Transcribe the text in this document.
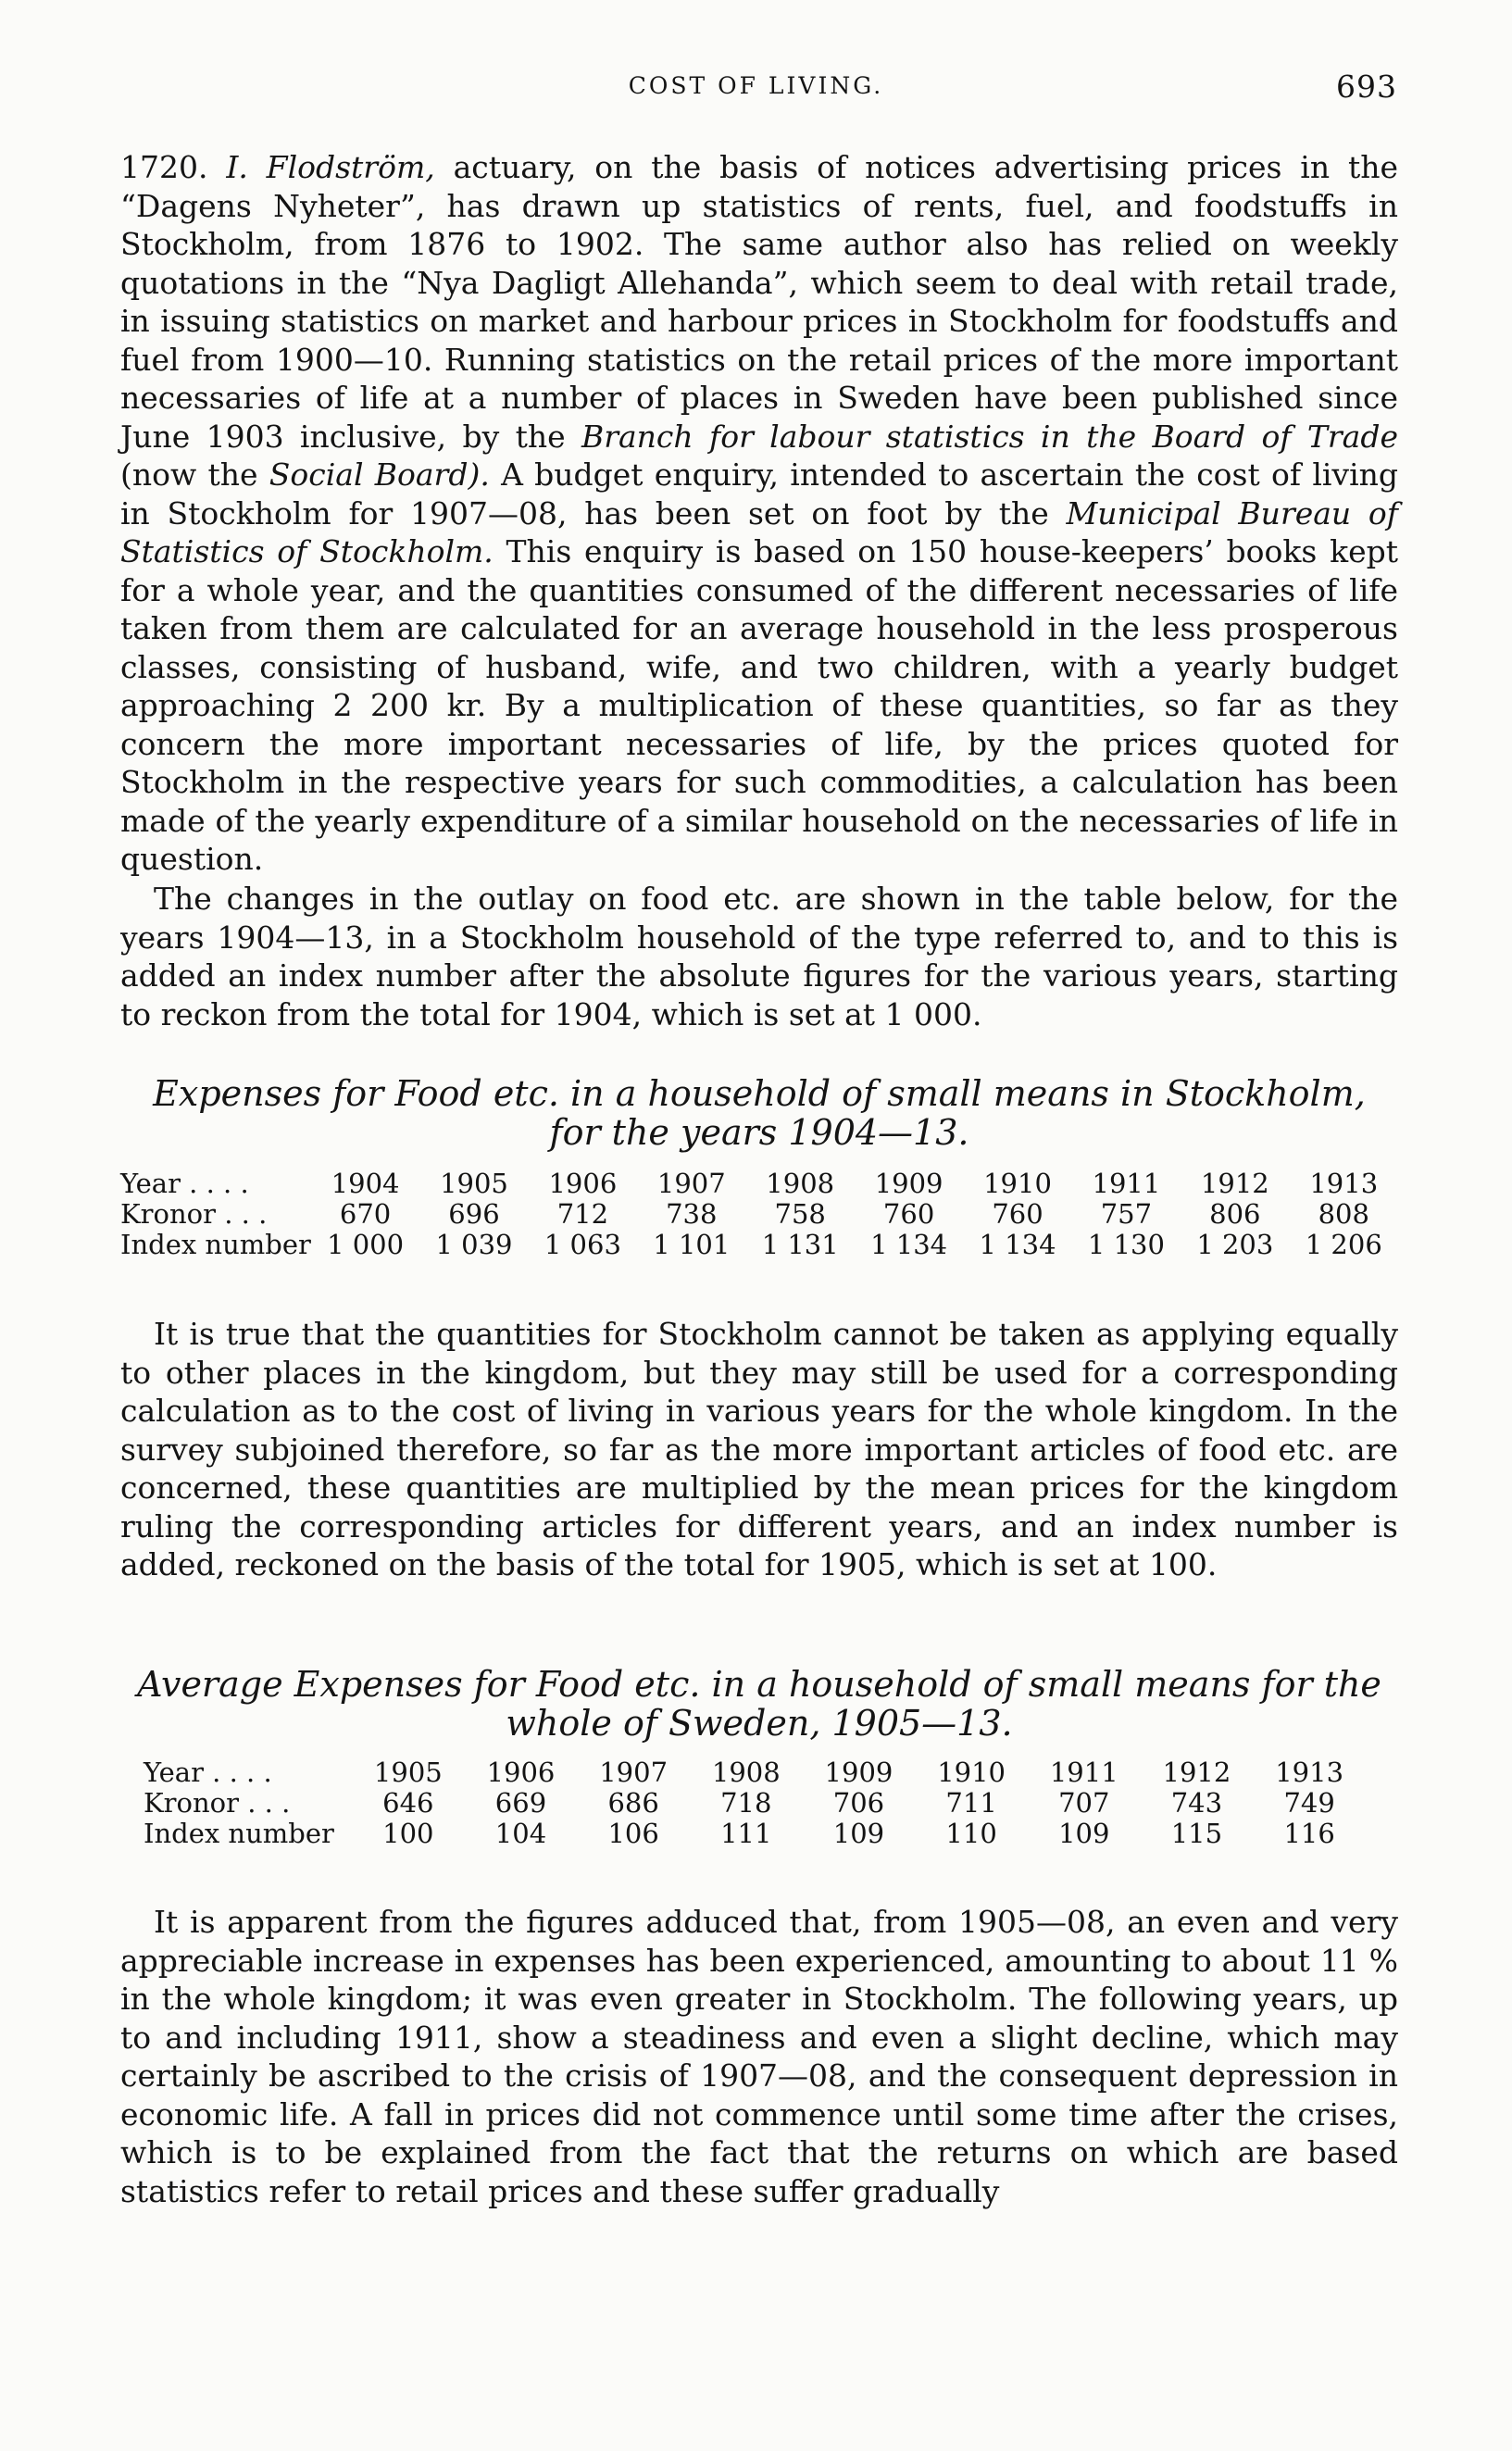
COST OF LIVING.	693

1720. I. Flodström, actuary, on the basis of notices advertising prices in the “Dagens Nyheter”, has drawn up statistics of rents, fuel, and foodstuffs in Stockholm, from 1876 to 1902. The same author also has relied on weekly quotations in the “Nya Dagligt Allehanda”, which seem to deal with retail trade, in issuing statistics on market and harbour prices in Stockholm for foodstuffs and fuel from 1900—10. Running statistics on the retail prices of the more important necessaries of life at a number of places in Sweden have been published since June 1903 inclusive, by the Branch for labour statistics in the Board of Trade (now the Social Board). A budget enquiry, intended to ascertain the cost of living in Stockholm for 1907—08, has been set on foot by the Municipal Bureau of Statistics of Stockholm. This enquiry is based on 150 house-keepers’ books kept for a whole year, and the quantities consumed of the different necessaries of life taken from them are calculated for an average household in the less prosperous classes, consisting of husband, wife, and two children, with a yearly budget approaching 2 200 kr. By a multiplication of these quantities, so far as they concern the more important necessaries of life, by the prices quoted for Stockholm in the respective years for such commodities, a calculation has been made of the yearly expenditure of a similar household on the necessaries of life in question.

The changes in the outlay on food etc. are shown in the table below, for the years 1904—13, in a Stockholm household of the type referred to, and to this is added an index number after the absolute figures for the various years, starting to reckon from the total for 1904, which is set at 1 000.

Expenses for Food etc. in a household of small means in Stockholm,
for the years 1904—13.
Year . . . .	1904	1905	1906	1907	1908	1909	1910	1911	1912	1913
Kronor . . .	670	696	712	738	758	760	760	757	806	808
Index number	1 000	1 039	1 063	1 101	1 131	1 134	1 134	1 130	1 203	1 206

It is true that the quantities for Stockholm cannot be taken as applying equally to other places in the kingdom, but they may still be used for a corresponding calculation as to the cost of living in various years for the whole kingdom. In the survey subjoined therefore, so far as the more important articles of food etc. are concerned, these quantities are multiplied by the mean prices for the kingdom ruling the corresponding articles for different years, and an index number is added, reckoned on the basis of the total for 1905, which is set at 100.

Average Expenses for Food etc. in a household of small means for the
whole of Sweden, 1905—13.
Year . . . .	1905	1906	1907	1908	1909	1910	1911	1912	1913
Kronor . . .	646	669	686	718	706	711	707	743	749
Index number	100	104	106	111	109	110	109	115	116

It is apparent from the figures adduced that, from 1905—08, an even and very appreciable increase in expenses has been experienced, amounting to about 11 % in the whole kingdom; it was even greater in Stockholm. The following years, up to and including 1911, show a steadiness and even a slight decline, which may certainly be ascribed to the crisis of 1907—08, and the consequent depression in economic life. A fall in prices did not commence until some time after the crises, which is to be explained from the fact that the returns on which are based statistics refer to retail prices and these suffer gradually
